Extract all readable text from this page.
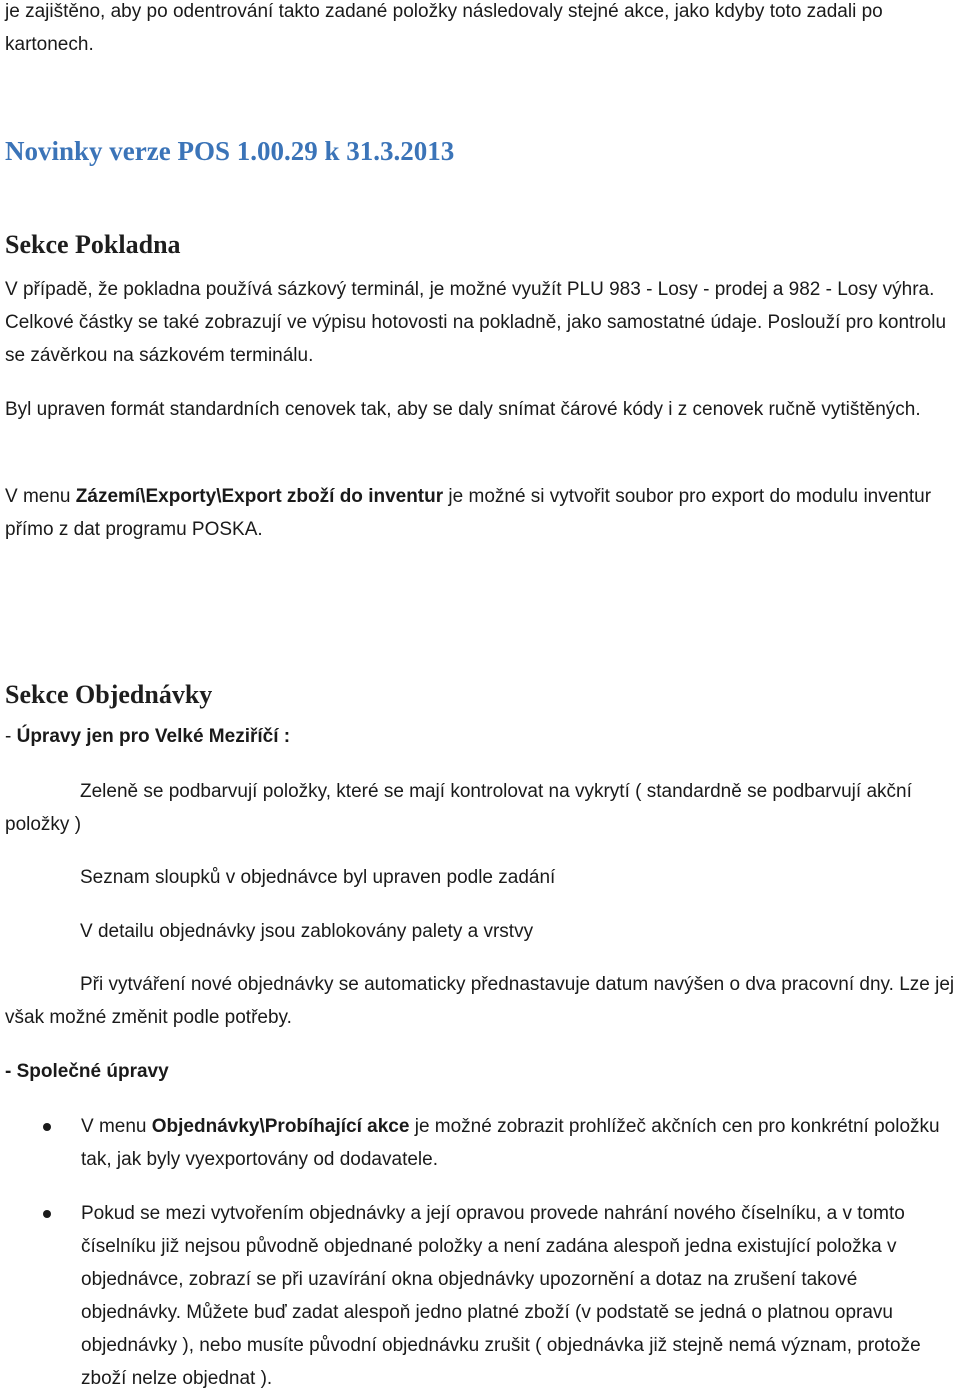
je zajištěno, aby po odentrování takto zadané položky následovaly stejné akce, jako kdyby toto zadali po kartonech.

Novinky verze POS 1.00.29 k 31.3.2013
Sekce Pokladna

V případě, že pokladna používá sázkový terminál, je možné využít PLU 983 - Losy - prodej a 982 - Losy výhra. Celkové částky se také zobrazují ve výpisu hotovosti na pokladně, jako samostatné údaje. Poslouží pro kontrolu se závěrkou na sázkovém terminálu.

Byl upraven formát standardních cenovek tak, aby se daly snímat čárové kódy i z cenovek ručně vytištěných.

V menu Zázemí\Exporty\Export zboží do inventur je možné si vytvořit soubor pro export do modulu inventur přímo z dat programu POSKA.

Sekce Objednávky

- Úpravy jen pro Velké Meziříčí :

Zeleně se podbarvují položky, které se mají kontrolovat na vykrytí ( standardně se podbarvují akční položky )

Seznam sloupků v objednávce byl upraven podle zadání

V detailu objednávky jsou zablokovány palety a vrstvy

Při vytváření nové objednávky se automaticky přednastavuje datum navýšen o dva pracovní dny. Lze jej však možné změnit podle potřeby.

- Společné úpravy

V menu Objednávky\Probíhající akce je možné zobrazit prohlížeč akčních cen pro konkrétní položku tak, jak byly vyexportovány od dodavatele.
Pokud se mezi vytvořením objednávky a její opravou provede nahrání nového číselníku, a v tomto číselníku již nejsou původně objednané položky a není zadána alespoň jedna existující položka v objednávce, zobrazí se při uzavírání okna objednávky upozornění a dotaz na zrušení takové objednávky. Můžete buď zadat alespoň jedno platné zboží (v podstatě se jedná o platnou opravu objednávky ), nebo musíte původní objednávku zrušit ( objednávka již stejně nemá význam, protože zboží nelze objednat ).
